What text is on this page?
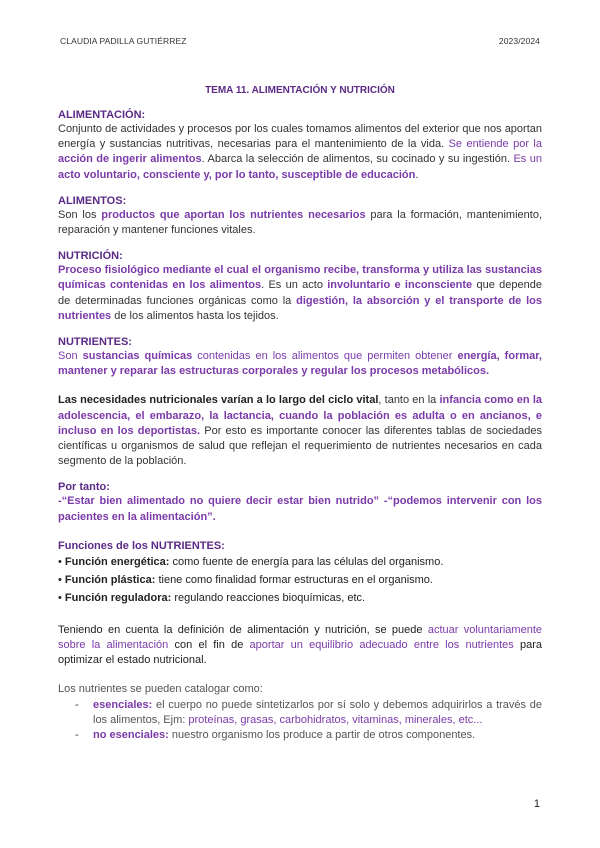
CLAUDIA PADILLA GUTIÉRREZ	2023/2024
TEMA 11. ALIMENTACIÓN Y NUTRICIÓN
ALIMENTACIÓN:
Conjunto de actividades y procesos por los cuales tomamos alimentos del exterior que nos aportan energía y sustancias nutritivas, necesarias para el mantenimiento de la vida. Se entiende por la acción de ingerir alimentos. Abarca la selección de alimentos, su cocinado y su ingestión. Es un acto voluntario, consciente y, por lo tanto, susceptible de educación.
ALIMENTOS:
Son los productos que aportan los nutrientes necesarios para la formación, mantenimiento, reparación y mantener funciones vitales.
NUTRICIÓN:
Proceso fisiológico mediante el cual el organismo recibe, transforma y utiliza las sustancias químicas contenidas en los alimentos. Es un acto involuntario e inconsciente que depende de determinadas funciones orgánicas como la digestión, la absorción y el transporte de los nutrientes de los alimentos hasta los tejidos.
NUTRIENTES:
Son sustancias químicas contenidas en los alimentos que permiten obtener energía, formar, mantener y reparar las estructuras corporales y regular los procesos metabólicos.
Las necesidades nutricionales varían a lo largo del ciclo vital, tanto en la infancia como en la adolescencia, el embarazo, la lactancia, cuando la población es adulta o en ancianos, e incluso en los deportistas. Por esto es importante conocer las diferentes tablas de sociedades científicas u organismos de salud que reflejan el requerimiento de nutrientes necesarios en cada segmento de la población.
Por tanto:
-“Estar bien alimentado no quiere decir estar bien nutrido” -“podemos intervenir con los pacientes en la alimentación”.
Funciones de los NUTRIENTES:
• Función energética: como fuente de energía para las células del organismo.
• Función plástica: tiene como finalidad formar estructuras en el organismo.
• Función reguladora: regulando reacciones bioquímicas, etc.
Teniendo en cuenta la definición de alimentación y nutrición, se puede actuar voluntariamente sobre la alimentación con el fin de aportar un equilibrio adecuado entre los nutrientes para optimizar el estado nutricional.
Los nutrientes se pueden catalogar como:
- esenciales: el cuerpo no puede sintetizarlos por sí solo y debemos adquirirlos a través de los alimentos, Ejm: proteínas, grasas, carbohidratos, vitaminas, minerales, etc...
- no esenciales: nuestro organismo los produce a partir de otros componentes.
1
